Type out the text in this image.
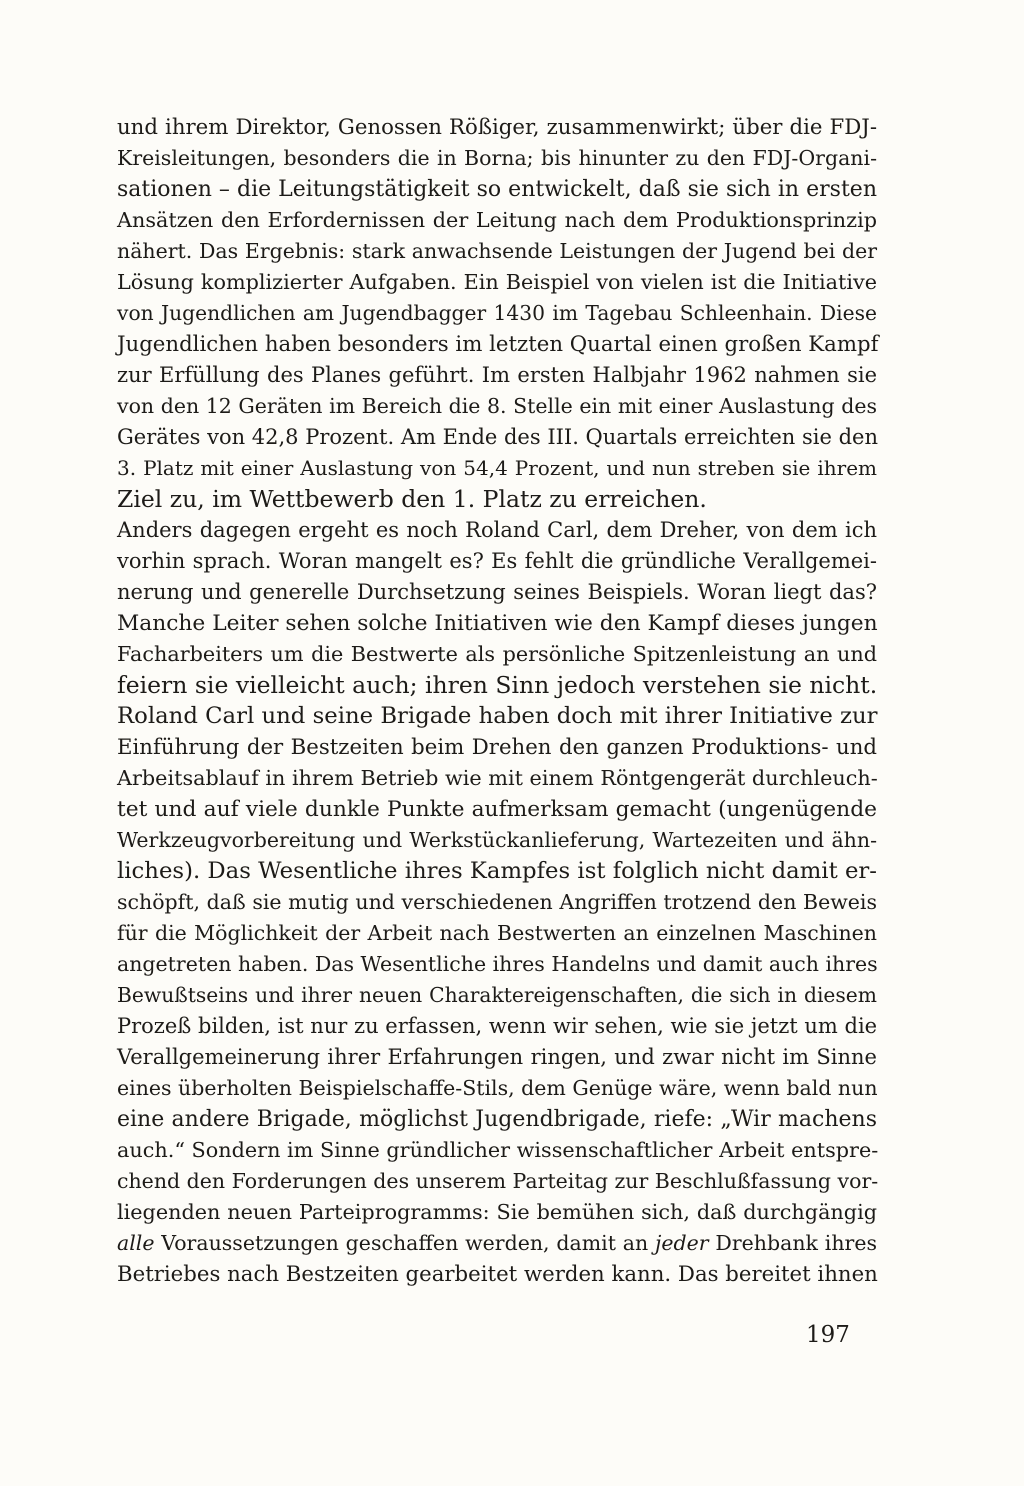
und ihrem Direktor, Genossen Rößiger, zusammenwirkt; über die FDJ-
Kreisleitungen, besonders die in Borna; bis hinunter zu den FDJ-Organi-
sationen – die Leitungstätigkeit so entwickelt, daß sie sich in ersten
Ansätzen den Erfordernissen der Leitung nach dem Produktionsprinzip
nähert. Das Ergebnis: stark anwachsende Leistungen der Jugend bei der
Lösung komplizierter Aufgaben. Ein Beispiel von vielen ist die Initiative
von Jugendlichen am Jugendbagger 1430 im Tagebau Schleenhain. Diese
Jugendlichen haben besonders im letzten Quartal einen großen Kampf
zur Erfüllung des Planes geführt. Im ersten Halbjahr 1962 nahmen sie
von den 12 Geräten im Bereich die 8. Stelle ein mit einer Auslastung des
Gerätes von 42,8 Prozent. Am Ende des III. Quartals erreichten sie den
3. Platz mit einer Auslastung von 54,4 Prozent, und nun streben sie ihrem
Ziel zu, im Wettbewerb den 1. Platz zu erreichen.
Anders dagegen ergeht es noch Roland Carl, dem Dreher, von dem ich
vorhin sprach. Woran mangelt es? Es fehlt die gründliche Verallgemei-
nerung und generelle Durchsetzung seines Beispiels. Woran liegt das?
Manche Leiter sehen solche Initiativen wie den Kampf dieses jungen
Facharbeiters um die Bestwerte als persönliche Spitzenleistung an und
feiern sie vielleicht auch; ihren Sinn jedoch verstehen sie nicht.
Roland Carl und seine Brigade haben doch mit ihrer Initiative zur
Einführung der Bestzeiten beim Drehen den ganzen Produktions- und
Arbeitsablauf in ihrem Betrieb wie mit einem Röntgengerät durchleuch-
tet und auf viele dunkle Punkte aufmerksam gemacht (ungenügende
Werkzeugvorbereitung und Werkstückanlieferung, Wartezeiten und ähn-
liches). Das Wesentliche ihres Kampfes ist folglich nicht damit er-
schöpft, daß sie mutig und verschiedenen Angriffen trotzend den Beweis
für die Möglichkeit der Arbeit nach Bestwerten an einzelnen Maschinen
angetreten haben. Das Wesentliche ihres Handelns und damit auch ihres
Bewußtseins und ihrer neuen Charaktereigenschaften, die sich in diesem
Prozeß bilden, ist nur zu erfassen, wenn wir sehen, wie sie jetzt um die
Verallgemeinerung ihrer Erfahrungen ringen, und zwar nicht im Sinne
eines überholten Beispielschaffe-Stils, dem Genüge wäre, wenn bald nun
eine andere Brigade, möglichst Jugendbrigade, riefe: „Wir machens
auch.“ Sondern im Sinne gründlicher wissenschaftlicher Arbeit entspre-
chend den Forderungen des unserem Parteitag zur Beschlußfassung vor-
liegenden neuen Parteiprogramms: Sie bemühen sich, daß durchgängig
alle Voraussetzungen geschaffen werden, damit an jeder Drehbank ihres
Betriebes nach Bestzeiten gearbeitet werden kann. Das bereitet ihnen
197
